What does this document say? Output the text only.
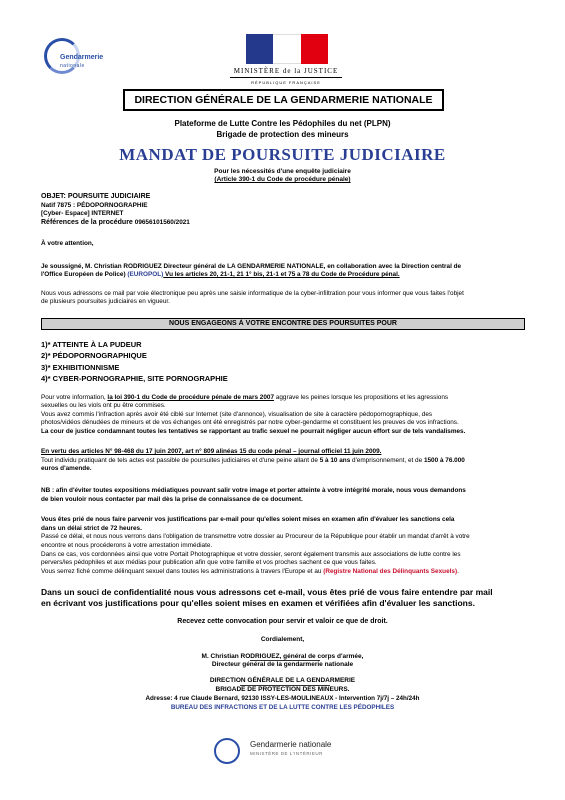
Gendarmerie
nationale
MINISTÈRE de la JUSTICE
RÉPUBLIQUE FRANÇAISE
DIRECTION GÉNÉRALE DE LA GENDARMERIE NATIONALE
Plateforme de Lutte Contre les Pédophiles du net (PLPN)
Brigade de protection des mineurs
MANDAT DE POURSUITE JUDICIAIRE
Pour les nécessités d'une enquête judiciaire
(Article 390-1 du Code de procédure pénale)
OBJET: POURSUITE JUDICIAIRE
Natif 7875 : PÉDOPORNOGRAPHIE
[Cyber- Espace] INTERNET
Références de la procédure 09656101560/2021
À votre attention,
Je soussigné, M. Christian RODRIGUEZ Directeur général de LA GENDARMERIE NATIONALE, en collaboration avec la Direction central de
l'Office Européen de Police) (EUROPOL) Vu les articles 20, 21-1, 21 1° bis, 21-1 et 75 a 78 du Code de Procédure pénal.
Nous vous adressons ce mail par voie électronique peu après une saisie informatique de la cyber-infiltration pour vous informer que vous faites l'objet
de plusieurs poursuites judiciaires en vigueur.
NOUS ENGAGEONS À VOTRE ENCONTRE DES POURSUITES POUR
1)* ATTEINTE À LA PUDEUR
2)* PÉDOPORNOGRAPHIQUE
3)* EXHIBITIONNISME
4)* CYBER-PORNOGRAPHIE, SITE PORNOGRAPHIE
Pour votre information, la loi 390-1 du Code de procédure pénale de mars 2007 aggrave les peines lorsque les propositions et les agressions
sexuelles ou les viols ont pu être commises.
Vous avez commis l'infraction après avoir été ciblé sur Internet (site d'annonce), visualisation de site à caractère pédopornographique, des
photos/vidéos dénudées de mineurs et de vos échanges ont été enregistrés par notre cyber-gendarme et constituent les preuves de vos infractions.
La cour de justice condamnant toutes les tentatives se rapportant au trafic sexuel ne pourrait négliger aucun effort sur de tels vandalismes.
En vertu des articles N° 98-468 du 17 juin 2007, art n° 809 alinéas 15 du code pénal – journal officiel 11 juin 2009.
Tout individu pratiquant de tels actes est passible de poursuites judiciaires et d'une peine allant de 5 à 10 ans d'emprisonnement, et de 1500 à 76.000
euros d'amende.
NB : afin d'éviter toutes expositions médiatiques pouvant salir votre image et porter atteinte à votre intégrité morale, nous vous demandons
de bien vouloir nous contacter par mail dès la prise de connaissance de ce document.
Vous êtes prié de nous faire parvenir vos justifications par e-mail pour qu'elles soient mises en examen afin d'évaluer les sanctions cela
dans un délai strict de 72 heures.
Passé ce délai, et nous nous verrons dans l'obligation de transmettre votre dossier au Procureur de la République pour établir un mandat d'arrêt à votre
encontre et nous procéderons à votre arrestation immédiate.
Dans ce cas, vos cordonnées ainsi que votre Portait Photographique et votre dossier, seront également transmis aux associations de lutte contre les
pervers/les pédophiles et aux médias pour publication afin que votre famille et vos proches sachent ce que vous faites.
Vous serrez fiché comme délinquant sexuel dans toutes les administrations à travers l'Europe et au (Registre National des Délinquants Sexuels).
Dans un souci de confidentialité nous vous adressons cet e-mail, vous êtes prié de vous faire entendre par mail
en écrivant vos justifications pour qu'elles soient mises en examen et vérifiées afin d'évaluer les sanctions.
Recevez cette convocation pour servir et valoir ce que de droit.
Cordialement,
M. Christian RODRIGUEZ, général de corps d'armée,
Directeur général de la gendarmerie nationale
DIRECTION GÉNÉRALE DE LA GENDARMERIE
BRIGADE DE PROTECTION DES MINEURS.
Adresse: 4 rue Claude Bernard, 92130 ISSY-LES-MOULINEAUX - Intervention 7j/7j – 24h/24h
BUREAU DES INFRACTIONS ET DE LA LUTTE CONTRE LES PÉDOPHILES
Gendarmerie nationale
MINISTÈRE DE L'INTÉRIEUR
